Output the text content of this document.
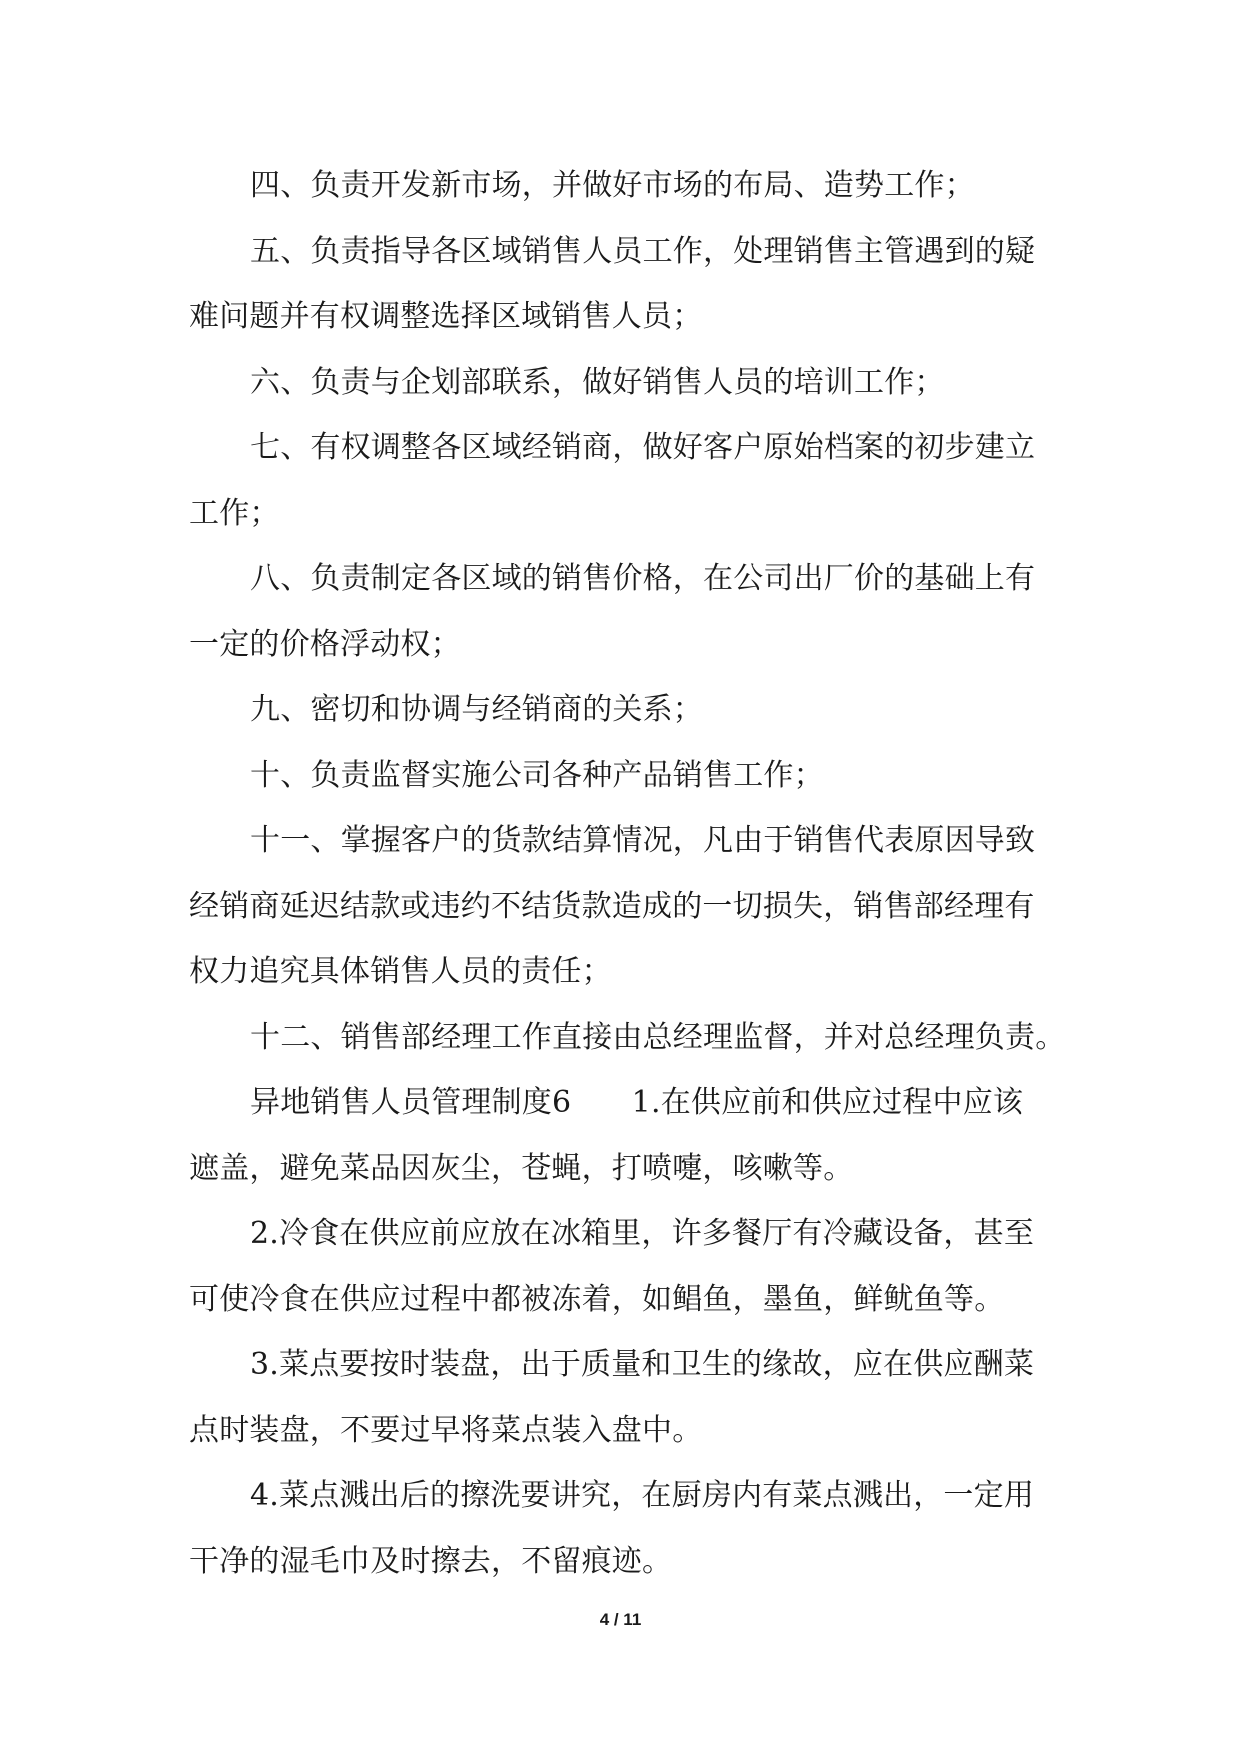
四、负责开发新市场，并做好市场的布局、造势工作；

五、负责指导各区域销售人员工作，处理销售主管遇到的疑
难问题并有权调整选择区域销售人员；

六、负责与企划部联系，做好销售人员的培训工作；

七、有权调整各区域经销商，做好客户原始档案的初步建立
工作；

八、负责制定各区域的销售价格，在公司出厂价的基础上有
一定的价格浮动权；

九、密切和协调与经销商的关系；

十、负责监督实施公司各种产品销售工作；

十一、掌握客户的货款结算情况，凡由于销售代表原因导致
经销商延迟结款或违约不结货款造成的一切损失，销售部经理有
权力追究具体销售人员的责任；

十二、销售部经理工作直接由总经理监督，并对总经理负责。

异地销售人员管理制度6　　1.在供应前和供应过程中应该
遮盖，避免菜品因灰尘，苍蝇，打喷嚏，咳嗽等。

2.冷食在供应前应放在冰箱里，许多餐厅有冷藏设备，甚至
可使冷食在供应过程中都被冻着，如鲳鱼，墨鱼，鲜鱿鱼等。

3.菜点要按时装盘，出于质量和卫生的缘故，应在供应酬菜
点时装盘，不要过早将菜点装入盘中。

4.菜点溅出后的擦洗要讲究，在厨房内有菜点溅出，一定用
干净的湿毛巾及时擦去，不留痕迹。

4 / 11
